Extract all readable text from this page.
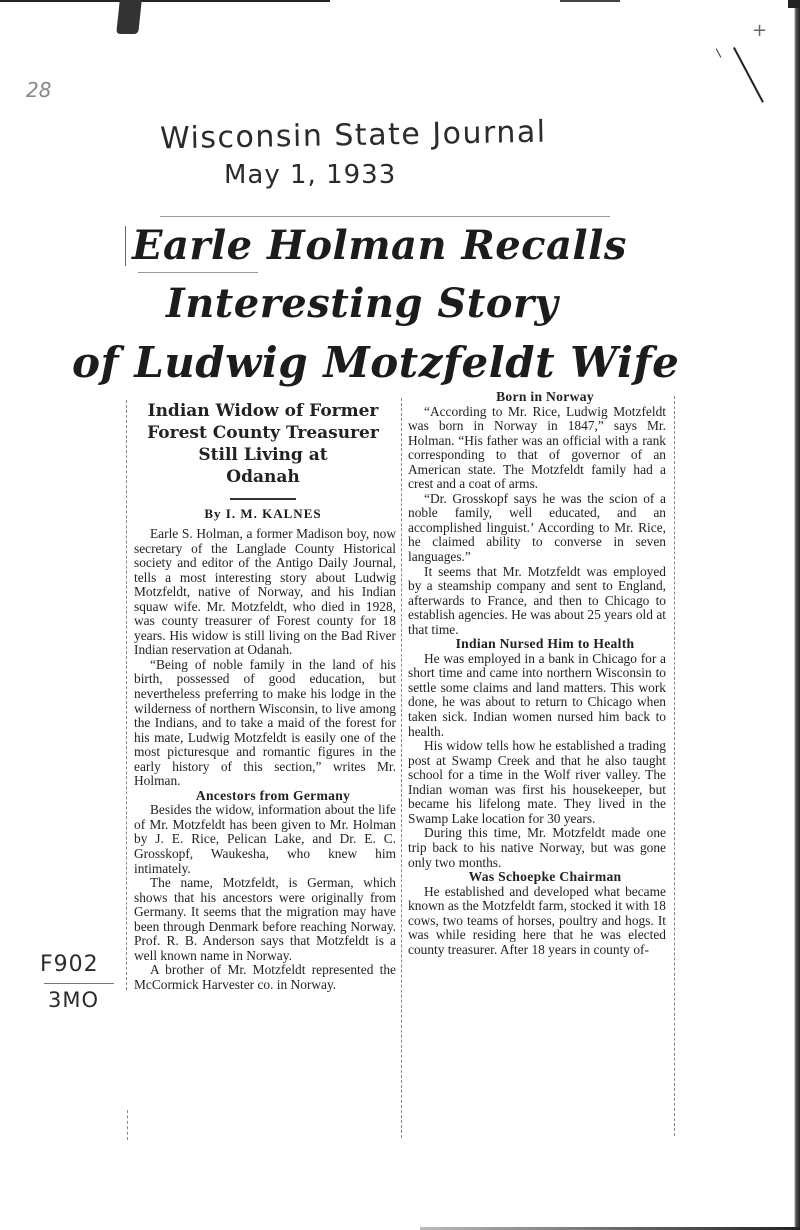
+
28
Wisconsin State Journal
May 1, 1933
F902
3MO
Earle Holman Recalls
Interesting Story
of Ludwig Motzfeldt Wife
Indian Widow of Former
Forest County Treasurer
Still Living at
Odanah
By I. M. KALNES

Earle S. Holman, a former Madison boy, now secretary of the Langlade County Historical society and editor of the Antigo Daily Journal, tells a most interesting story about Ludwig Motzfeldt, native of Norway, and his Indian squaw wife. Mr. Motzfeldt, who died in 1928, was county treasurer of Forest county for 18 years. His widow is still living on the Bad River Indian reservation at Odanah.

“Being of noble family in the land of his birth, possessed of good education, but nevertheless preferring to make his lodge in the wilderness of northern Wisconsin, to live among the Indians, and to take a maid of the forest for his mate, Ludwig Motzfeldt is easily one of the most picturesque and romantic figures in the early history of this section,” writes Mr. Holman.

Ancestors from Germany

Besides the widow, information about the life of Mr. Motzfeldt has been given to Mr. Holman by J. E. Rice, Pelican Lake, and Dr. E. C. Grosskopf, Waukesha, who knew him intimately.

The name, Motzfeldt, is German, which shows that his ancestors were originally from Germany. It seems that the migration may have been through Denmark before reaching Norway. Prof. R. B. Anderson says that Motzfeldt is a well known name in Norway.

A brother of Mr. Motzfeldt represented the McCormick Harvester co. in Norway.

Born in Norway

“According to Mr. Rice, Ludwig Motzfeldt was born in Norway in 1847,” says Mr. Holman. “His father was an official with a rank corresponding to that of governor of an American state. The Motzfeldt family had a crest and a coat of arms.

“Dr. Grosskopf says he was the scion of a noble family, well educated, and an accomplished linguist.’ According to Mr. Rice, he claimed ability to converse in seven languages.”

It seems that Mr. Motzfeldt was employed by a steamship company and sent to England, afterwards to France, and then to Chicago to establish agencies. He was about 25 years old at that time.

Indian Nursed Him to Health

He was employed in a bank in Chicago for a short time and came into northern Wisconsin to settle some claims and land matters. This work done, he was about to return to Chicago when taken sick. Indian women nursed him back to health.

His widow tells how he established a trading post at Swamp Creek and that he also taught school for a time in the Wolf river valley. The Indian woman was first his housekeeper, but became his lifelong mate. They lived in the Swamp Lake location for 30 years.

During this time, Mr. Motzfeldt made one trip back to his native Norway, but was gone only two months.

Was Schoepke Chairman

He established and developed what became known as the Motzfeldt farm, stocked it with 18 cows, two teams of horses, poultry and hogs. It was while residing here that he was elected county treasurer. After 18 years in county of-
